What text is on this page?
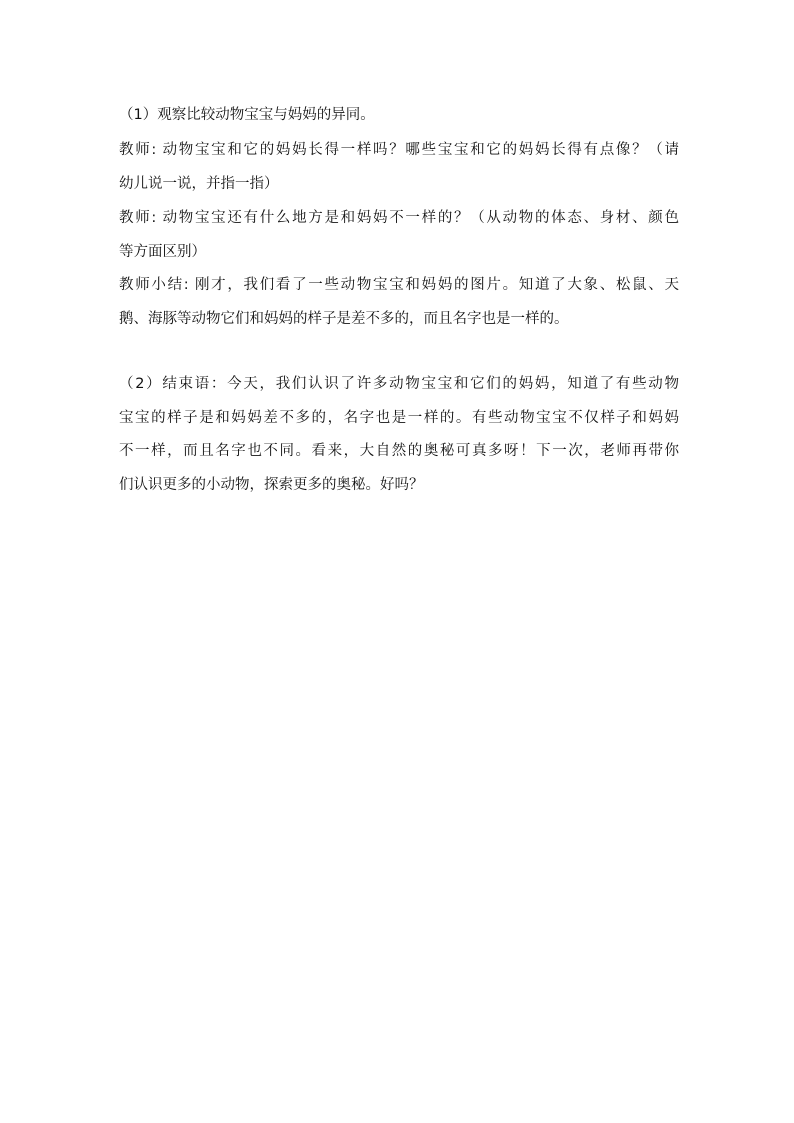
（1）观察比较动物宝宝与妈妈的异同。
教师: 动物宝宝和它的妈妈长得一样吗？哪些宝宝和它的妈妈长得有点像？（请
幼儿说一说，并指一指）
教师: 动物宝宝还有什么地方是和妈妈不一样的？（从动物的体态、身材、颜色
等方面区别）
教师小结: 刚才，我们看了一些动物宝宝和妈妈的图片。知道了大象、松鼠、天
鹅、海豚等动物它们和妈妈的样子是差不多的，而且名字也是一样的。
（2）结束语：今天，我们认识了许多动物宝宝和它们的妈妈，知道了有些动物
宝宝的样子是和妈妈差不多的，名字也是一样的。有些动物宝宝不仅样子和妈妈
不一样，而且名字也不同。看来，大自然的奥秘可真多呀！下一次，老师再带你
们认识更多的小动物，探索更多的奥秘。好吗？
